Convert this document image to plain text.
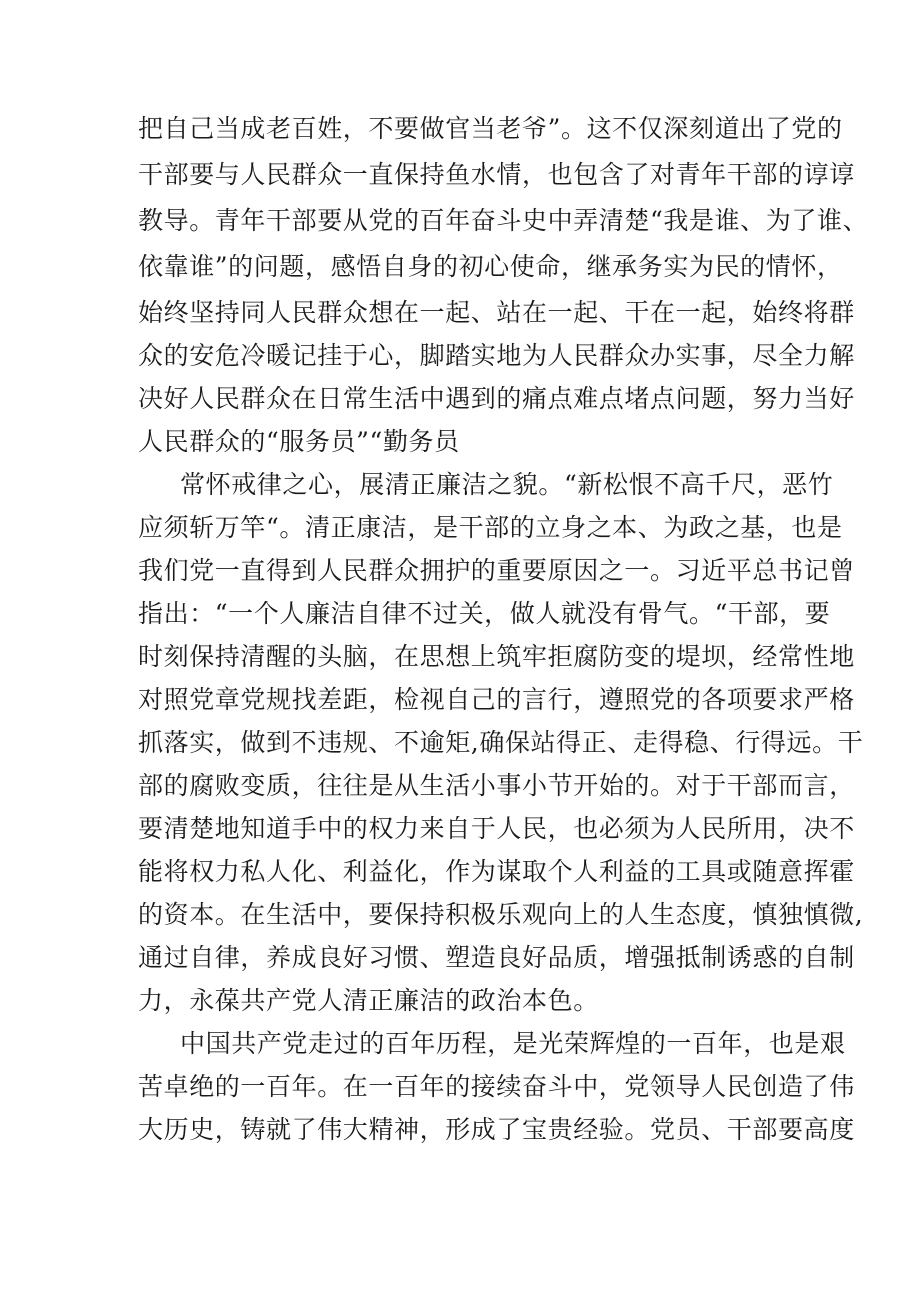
把自己当成老百姓，不要做官当老爷”。这不仅深刻道出了党的
干部要与人民群众一直保持鱼水情，也包含了对青年干部的谆谆
教导。青年干部要从党的百年奋斗史中弄清楚“我是谁、为了谁、
依靠谁”的问题，感悟自身的初心使命，继承务实为民的情怀，
始终坚持同人民群众想在一起、站在一起、干在一起，始终将群
众的安危冷暖记挂于心，脚踏实地为人民群众办实事，尽全力解
决好人民群众在日常生活中遇到的痛点难点堵点问题，努力当好
人民群众的“服务员”“勤务员
常怀戒律之心，展清正廉洁之貌。“新松恨不高千尺，恶竹
应须斩万竿“。清正康洁，是干部的立身之本、为政之基，也是
我们党一直得到人民群众拥护的重要原因之一。习近平总书记曾
指出：“一个人廉洁自律不过关，做人就没有骨气。“干部，要
时刻保持清醒的头脑，在思想上筑牢拒腐防变的堤坝，经常性地
对照党章党规找差距，检视自己的言行，遵照党的各项要求严格
抓落实，做到不违规、不逾矩,确保站得正、走得稳、行得远。干
部的腐败变质，往往是从生活小事小节开始的。对于干部而言，
要清楚地知道手中的权力来自于人民，也必须为人民所用，决不
能将权力私人化、利益化，作为谋取个人利益的工具或随意挥霍
的资本。在生活中，要保持积极乐观向上的人生态度，慎独慎微,
通过自律，养成良好习惯、塑造良好品质，增强抵制诱惑的自制
力，永葆共产党人清正廉洁的政治本色。
中国共产党走过的百年历程，是光荣辉煌的一百年，也是艰
苦卓绝的一百年。在一百年的接续奋斗中，党领导人民创造了伟
大历史，铸就了伟大精神，形成了宝贵经验。党员、干部要高度
